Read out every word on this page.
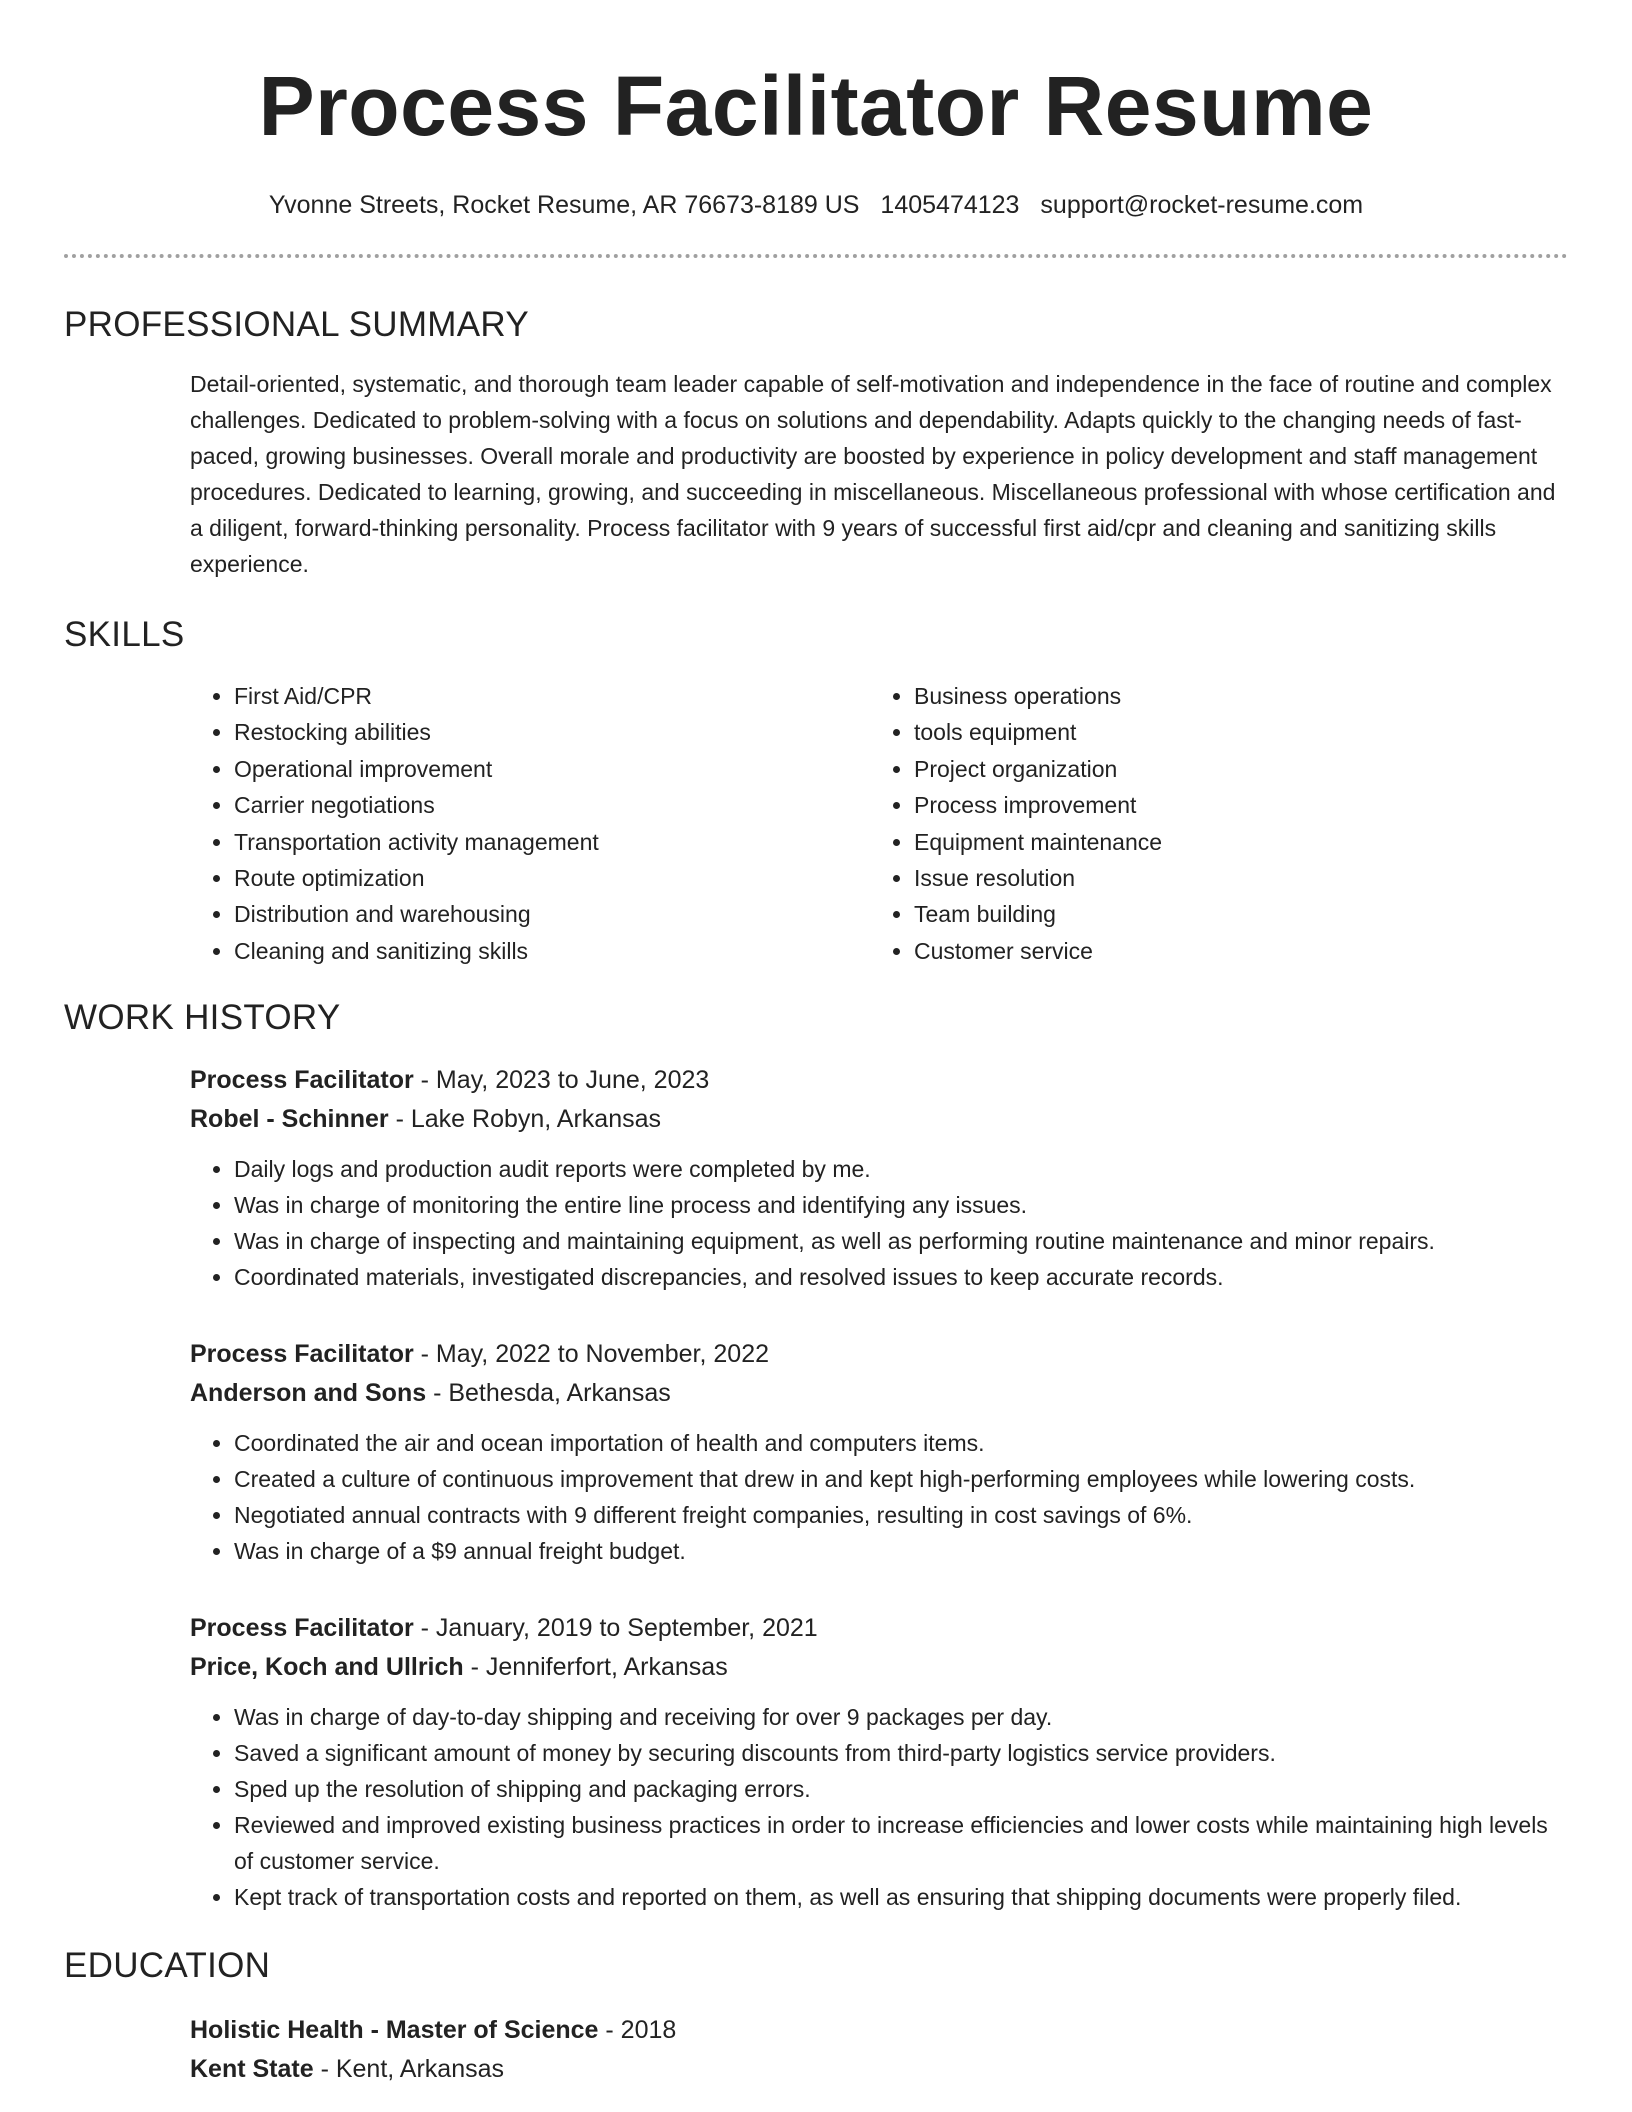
Process Facilitator Resume
Yvonne Streets, Rocket Resume, AR 76673-8189 US 1405474123 support@rocket-resume.com
PROFESSIONAL SUMMARY

Detail-oriented, systematic, and thorough team leader capable of self-motivation and independence in the face of routine and complex challenges. Dedicated to problem-solving with a focus on solutions and dependability. Adapts quickly to the changing needs of fast-paced, growing businesses. Overall morale and productivity are boosted by experience in policy development and staff management procedures. Dedicated to learning, growing, and succeeding in miscellaneous. Miscellaneous professional with whose certification and a diligent, forward-thinking personality. Process facilitator with 9 years of successful first aid/cpr and cleaning and sanitizing skills experience.

SKILLS
• First Aid/CPR
• Restocking abilities
• Operational improvement
• Carrier negotiations
• Transportation activity management
• Route optimization
• Distribution and warehousing
• Cleaning and sanitizing skills
• Business operations
• tools equipment
• Project organization
• Process improvement
• Equipment maintenance
• Issue resolution
• Team building
• Customer service
WORK HISTORY
Process Facilitator - May, 2023 to June, 2023
Robel - Schinner - Lake Robyn, Arkansas
• Daily logs and production audit reports were completed by me.
• Was in charge of monitoring the entire line process and identifying any issues.
• Was in charge of inspecting and maintaining equipment, as well as performing routine maintenance and minor repairs.
• Coordinated materials, investigated discrepancies, and resolved issues to keep accurate records.
Process Facilitator - May, 2022 to November, 2022
Anderson and Sons - Bethesda, Arkansas
• Coordinated the air and ocean importation of health and computers items.
• Created a culture of continuous improvement that drew in and kept high-performing employees while lowering costs.
• Negotiated annual contracts with 9 different freight companies, resulting in cost savings of 6%.
• Was in charge of a $9 annual freight budget.
Process Facilitator - January, 2019 to September, 2021
Price, Koch and Ullrich - Jenniferfort, Arkansas
• Was in charge of day-to-day shipping and receiving for over 9 packages per day.
• Saved a significant amount of money by securing discounts from third-party logistics service providers.
• Sped up the resolution of shipping and packaging errors.
• Reviewed and improved existing business practices in order to increase efficiencies and lower costs while maintaining high levels of customer service.
• Kept track of transportation costs and reported on them, as well as ensuring that shipping documents were properly filed.
EDUCATION
Holistic Health - Master of Science - 2018
Kent State - Kent, Arkansas
